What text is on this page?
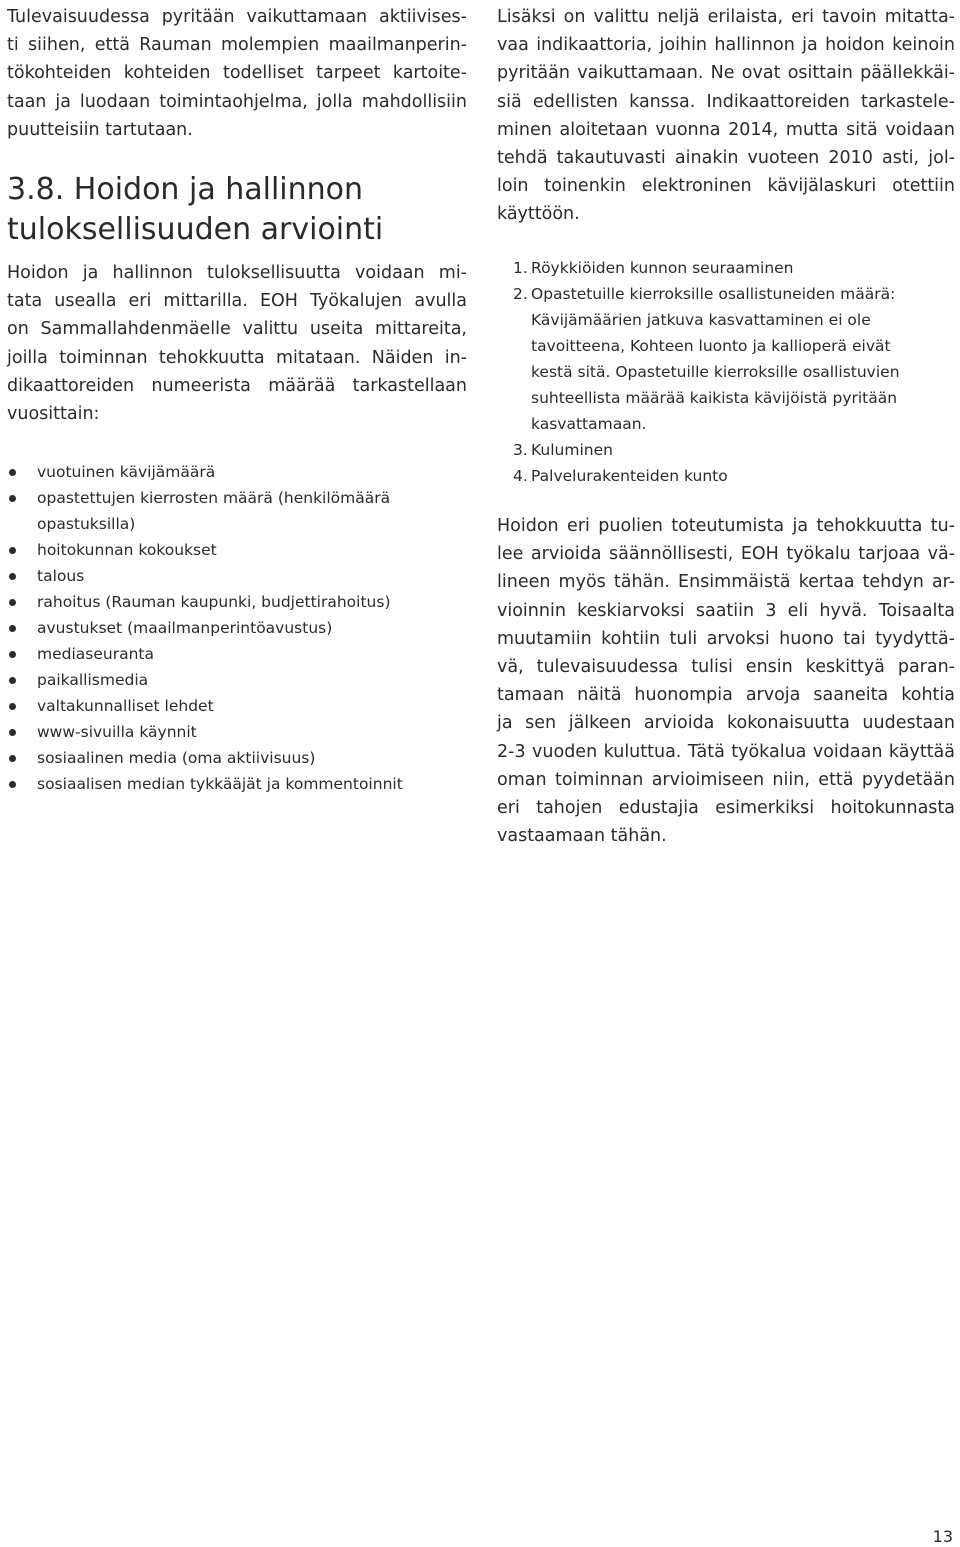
Tulevaisuudessa pyritään vaikuttamaan aktiivises-
ti siihen, että Rauman molempien maailmanperin-
tökohteiden kohteiden todelliset tarpeet kartoite-
taan ja luodaan toimintaohjelma, jolla mahdollisiin
puutteisiin tartutaan.

3.8. Hoidon ja hallinnon
tuloksellisuuden arviointi

Hoidon ja hallinnon tuloksellisuutta voidaan mi-
tata usealla eri mittarilla. EOH Työkalujen avulla
on Sammallahdenmäelle valittu useita mittareita,
joilla toiminnan tehokkuutta mitataan. Näiden in-
dikaattoreiden numeerista määrää tarkastellaan
vuosittain:

vuotuinen kävijämäärä
opastettujen kierrosten määrä (henkilömäärä
opastuksilla)
hoitokunnan kokoukset
talous
rahoitus (Rauman kaupunki, budjettirahoitus)
avustukset (maailmanperintöavustus)
mediaseuranta
paikallismedia
valtakunnalliset lehdet
www-sivuilla käynnit
sosiaalinen media (oma aktiivisuus)
sosiaalisen median tykkääjät ja kommentoinnit

Lisäksi on valittu neljä erilaista, eri tavoin mitatta-
vaa indikaattoria, joihin hallinnon ja hoidon keinoin
pyritään vaikuttamaan. Ne ovat osittain päällekkäi-
siä edellisten kanssa. Indikaattoreiden tarkastele-
minen aloitetaan vuonna 2014, mutta sitä voidaan
tehdä takautuvasti ainakin vuoteen 2010 asti, jol-
loin toinenkin elektroninen kävijälaskuri otettiin
käyttöön.

1. Röykkiöiden kunnon seuraaminen
2. Opastetuille kierroksille osallistuneiden määrä:
Kävijämäärien jatkuva kasvattaminen ei ole
tavoitteena, Kohteen luonto ja kallioperä eivät
kestä sitä. Opastetuille kierroksille osallistuvien
suhteellista määrää kaikista kävijöistä pyritään
kasvattamaan.
3. Kuluminen
4. Palvelurakenteiden kunto

Hoidon eri puolien toteutumista ja tehokkuutta tu-
lee arvioida säännöllisesti, EOH työkalu tarjoaa vä-
lineen myös tähän. Ensimmäistä kertaa tehdyn ar-
vioinnin keskiarvoksi saatiin 3 eli hyvä. Toisaalta
muutamiin kohtiin tuli arvoksi huono tai tyydyttä-
vä, tulevaisuudessa tulisi ensin keskittyä paran-
tamaan näitä huonompia arvoja saaneita kohtia
ja sen jälkeen arvioida kokonaisuutta uudestaan
2-3 vuoden kuluttua. Tätä työkalua voidaan käyttää
oman toiminnan arvioimiseen niin, että pyydetään
eri tahojen edustajia esimerkiksi hoitokunnasta
vastaamaan tähän.

13
